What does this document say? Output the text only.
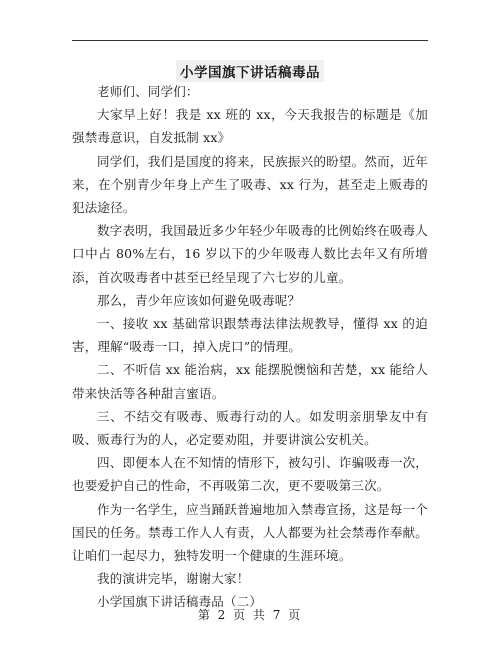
小学国旗下讲话稿毒品

老师们、同学们：

大家早上好！我是 xx 班的 xx，今天我报告的标题是《加强禁毒意识，自发抵制 xx》

同学们，我们是国度的将来，民族振兴的盼望。然而，近年来，在个别青少年身上产生了吸毒、xx 行为，甚至走上贩毒的犯法途径。

数字表明，我国最近多少年轻少年吸毒的比例始终在吸毒人口中占 80%左右，16 岁以下的少年吸毒人数比去年又有所增添，首次吸毒者中甚至已经呈现了六七岁的儿童。

那么，青少年应该如何避免吸毒呢？

一、接收 xx 基础常识跟禁毒法律法规教导，懂得 xx 的迫害，理解“吸毒一口，掉入虎口”的情理。

二、不听信 xx 能治病，xx 能摆脱懊恼和苦楚，xx 能给人带来快活等各种甜言蜜语。

三、不结交有吸毒、贩毒行动的人。如发明亲朋挚友中有吸、贩毒行为的人，必定要劝阻，并要讲演公安机关。

四、即便本人在不知情的情形下，被勾引、诈骗吸毒一次，也要爱护自己的性命，不再吸第二次，更不要吸第三次。

作为一名学生，应当踊跃普遍地加入禁毒宣扬，这是每一个国民的任务。禁毒工作人人有责，人人都要为社会禁毒作奉献。让咱们一起尽力，独特发明一个健康的生涯环境。

我的演讲完毕，谢谢大家！

小学国旗下讲话稿毒品（二）

第 2 页 共 7 页
